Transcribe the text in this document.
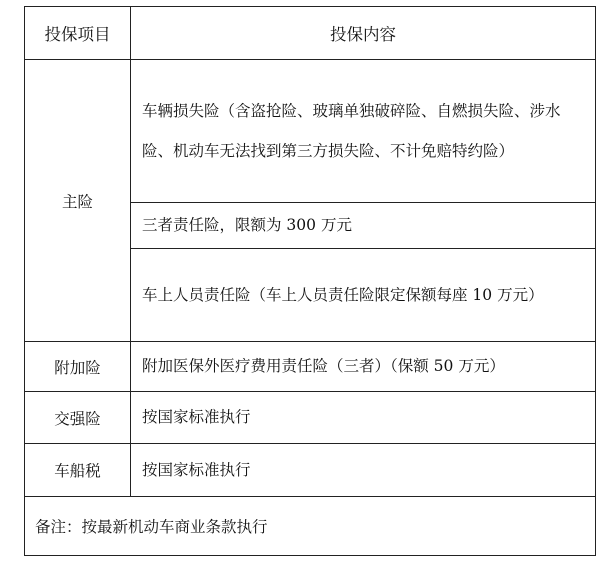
投保项目	投保内容
主险	车辆损失险（含盗抢险、玻璃单独破碎险、自燃损失险、涉水险、机动车无法找到第三方损失险、不计免赔特约险）
	三者责任险，限额为 300 万元
	车上人员责任险（车上人员责任险限定保额每座 10 万元）
附加险	附加医保外医疗费用责任险（三者）（保额 50 万元）
交强险	按国家标准执行
车船税	按国家标准执行
备注：按最新机动车商业条款执行	
